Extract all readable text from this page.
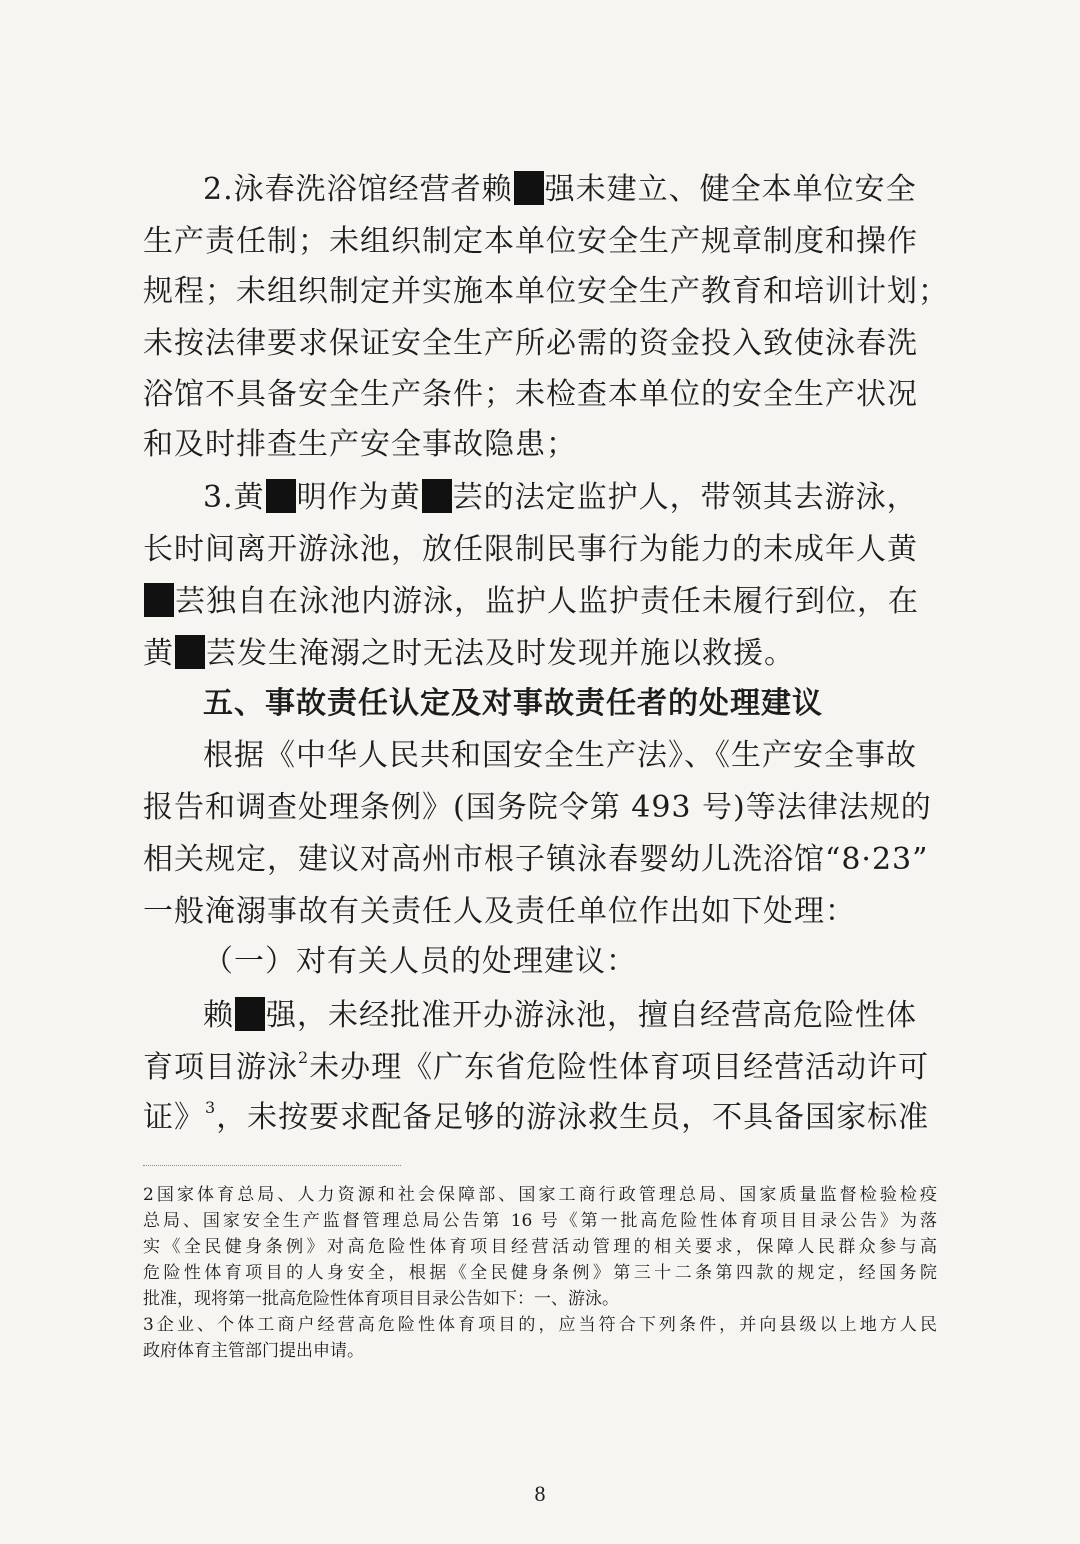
2.泳春洗浴馆经营者赖 强未建立、健全本单位安全
生产责任制；未组织制定本单位安全生产规章制度和操作
规程；未组织制定并实施本单位安全生产教育和培训计划；
未按法律要求保证安全生产所必需的资金投入致使泳春洗
浴馆不具备安全生产条件；未检查本单位的安全生产状况
和及时排查生产安全事故隐患；
3.黄 明作为黄 芸的法定监护人，带领其去游泳，
长时间离开游泳池，放任限制民事行为能力的未成年人黄
芸独自在泳池内游泳，监护人监护责任未履行到位，在
黄 芸发生淹溺之时无法及时发现并施以救援。
五、事故责任认定及对事故责任者的处理建议
根据《中华人民共和国安全生产法》、《生产安全事故
报告和调查处理条例》(国务院令第 493 号)等法律法规的
相关规定，建议对高州市根子镇泳春婴幼儿洗浴馆“8·23”
一般淹溺事故有关责任人及责任单位作出如下处理：
（一）对有关人员的处理建议：
赖 强，未经批准开办游泳池，擅自经营高危险性体
育项目游泳$^2$未办理《广东省危险性体育项目经营活动许可
证》$^3$，未按要求配备足够的游泳救生员，不具备国家标准
2国家体育总局、人力资源和社会保障部、国家工商行政管理总局、国家质量监督检验检疫
总局、国家安全生产监督管理总局公告第 16 号《第一批高危险性体育项目目录公告》为落
实《全民健身条例》对高危险性体育项目经营活动管理的相关要求，保障人民群众参与高
危险性体育项目的人身安全，根据《全民健身条例》第三十二条第四款的规定，经国务院
批准，现将第一批高危险性体育项目目录公告如下：一、游泳。
3企业、个体工商户经营高危险性体育项目的，应当符合下列条件，并向县级以上地方人民
政府体育主管部门提出申请。
8
